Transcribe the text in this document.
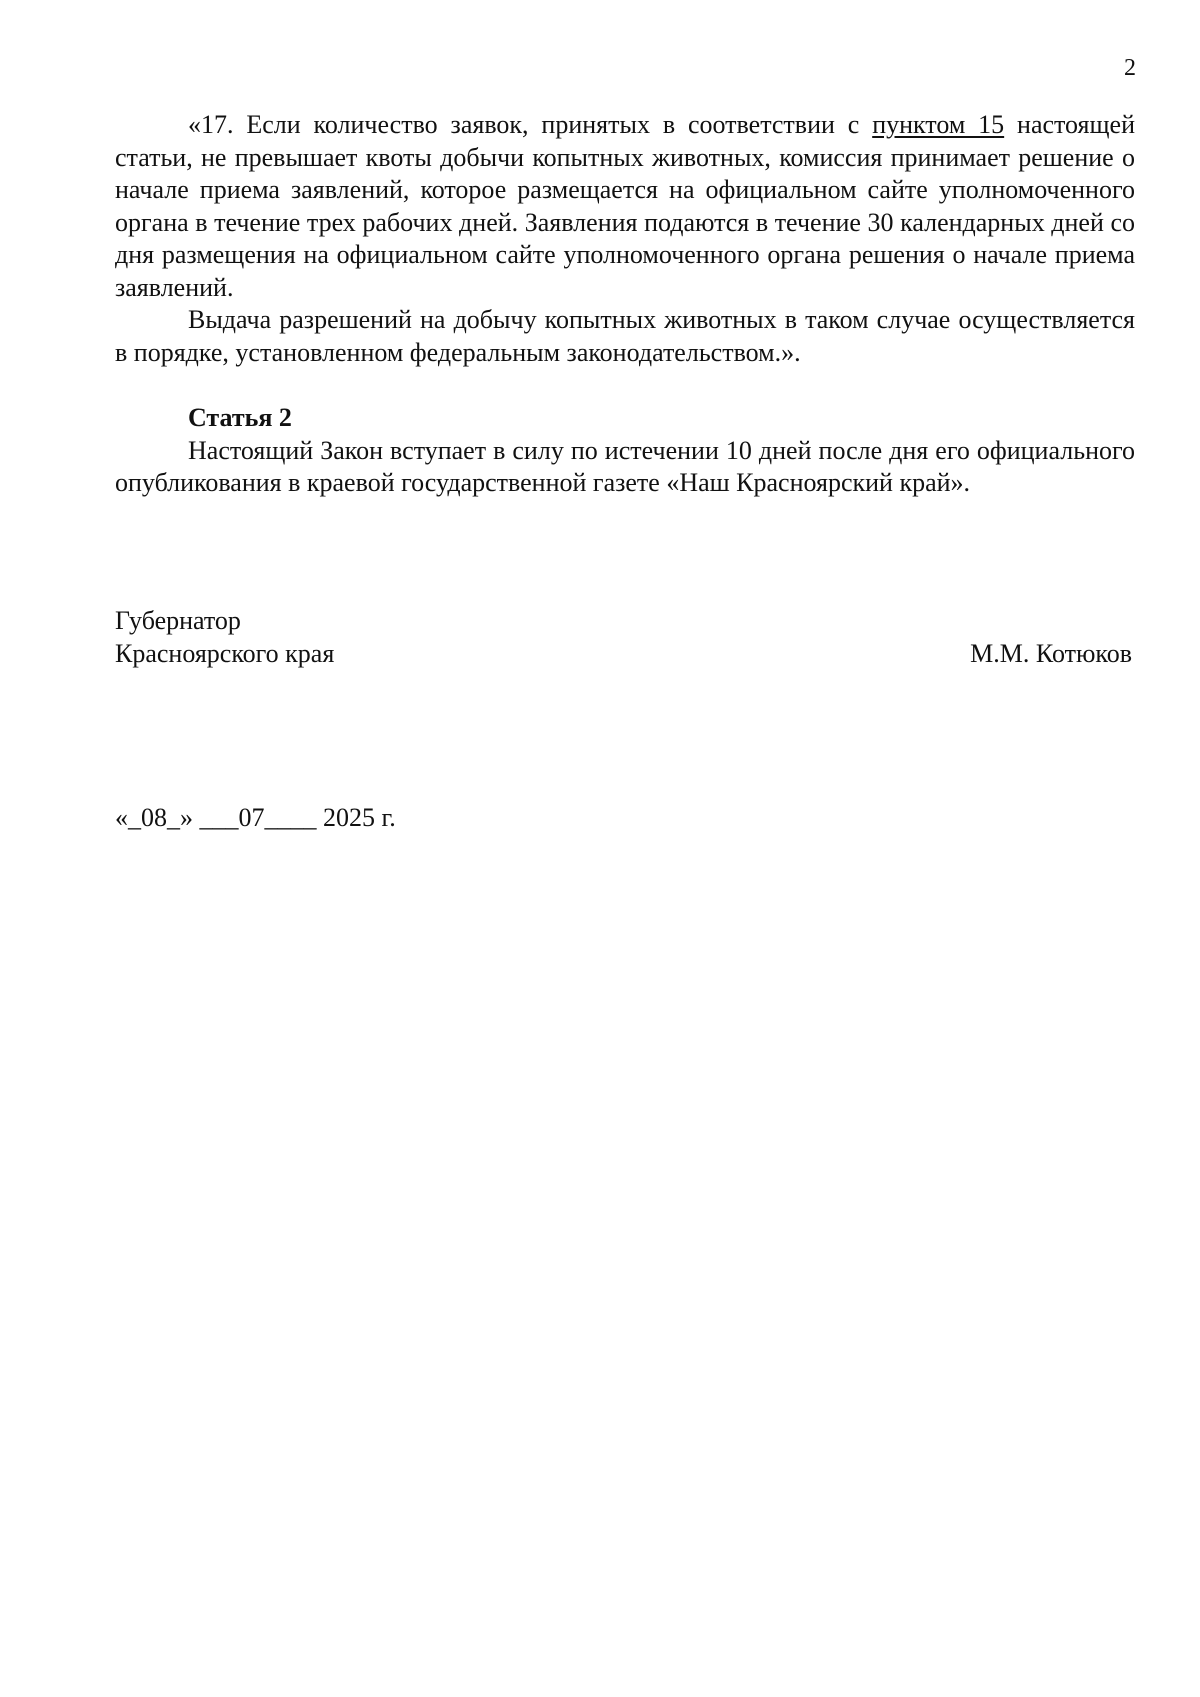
2

«17. Если количество заявок, принятых в соответствии с пунктом 15 настоящей статьи, не превышает квоты добычи копытных животных, комиссия принимает решение о начале приема заявлений, которое размещается на официальном сайте уполномоченного органа в течение трех рабочих дней. Заявления подаются в течение 30 календарных дней со дня размещения на официальном сайте уполномоченного органа решения о начале приема заявлений.

Выдача разрешений на добычу копытных животных в таком случае осуществляется в порядке, установленном федеральным законодательством.».

Статья 2

Настоящий Закон вступает в силу по истечении 10 дней после дня его официального опубликования в краевой государственной газете «Наш Красноярский край».

Губернатор
Красноярского края	М.М. Котюков
«_08_» ___07____ 2025 г.
